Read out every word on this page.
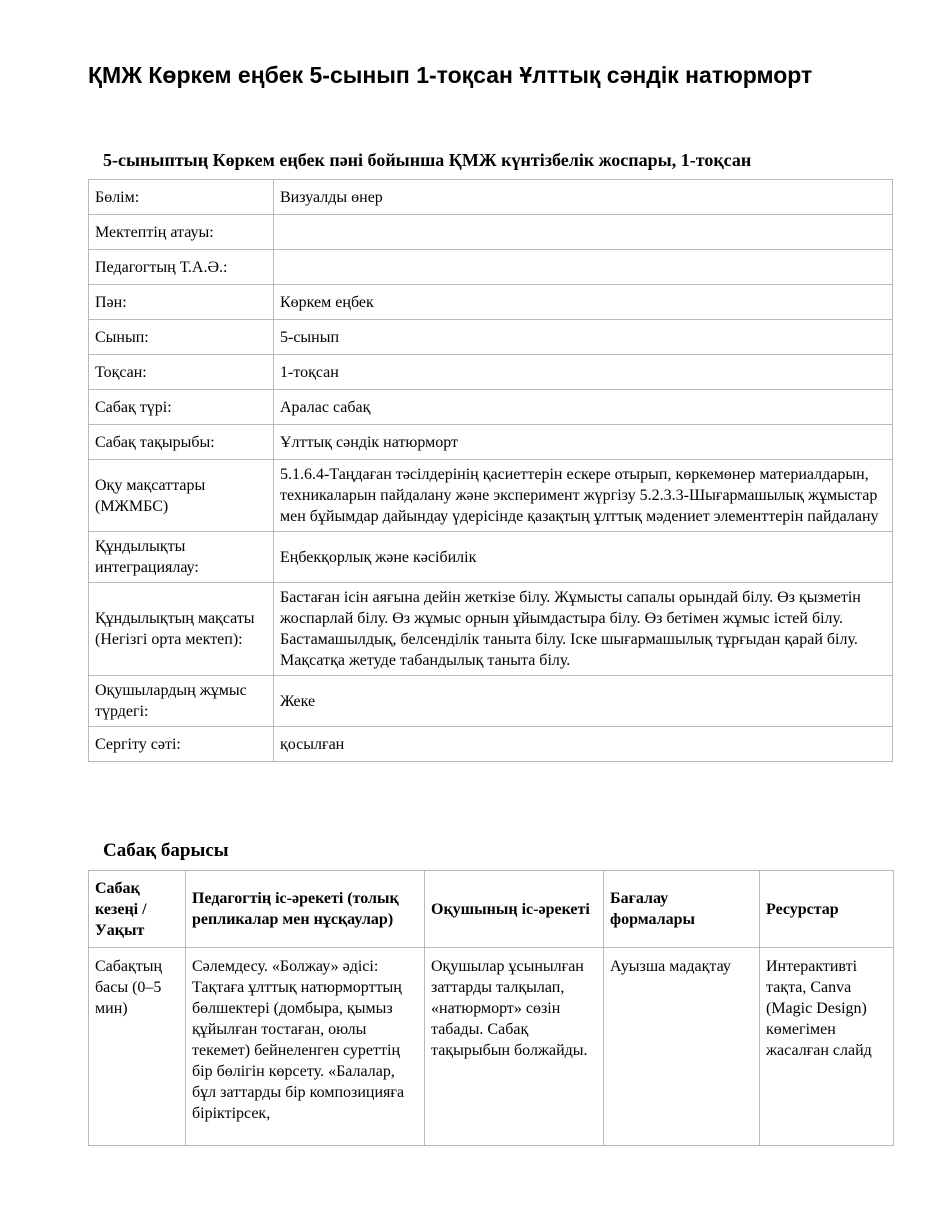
ҚМЖ Көркем еңбек 5-сынып 1-тоқсан Ұлттық сәндік натюрморт
5-сыныптың Көркем еңбек пәні бойынша ҚМЖ күнтізбелік жоспары, 1-тоқсан
Бөлім:	Визуалды өнер
Мектептің атауы:	
Педагогтың Т.А.Ә.:	
Пән:	Көркем еңбек
Сынып:	5-сынып
Тоқсан:	1-тоқсан
Сабақ түрі:	Аралас сабақ
Сабақ тақырыбы:	Ұлттық сәндік натюрморт
Оқу мақсаттары (МЖМБС)	5.1.6.4-Таңдаған тәсілдерінің қасиеттерін ескере отырып, көркемөнер материалдарын, техникаларын пайдалану және эксперимент жүргізу 5.2.3.3-Шығармашылық жұмыстар мен бұйымдар дайындау үдерісінде қазақтың ұлттық мәдениет элементтерін пайдалану
Құндылықты интеграциялау:	Еңбекқорлық және кәсібилік
Құндылықтың мақсаты (Негізгі орта мектеп):	Бастаған ісін аяғына дейін жеткізе білу. Жұмысты сапалы орындай білу. Өз қызметін жоспарлай білу. Өз жұмыс орнын ұйымдастыра білу. Өз бетімен жұмыс істей білу. Бастамашылдық, белсенділік таныта білу. Іске шығармашылық тұрғыдан қарай білу. Мақсатқа жетуде табандылық таныта білу.
Оқушылардың жұмыс түрдегі:	Жеке
Сергіту сәті:	қосылған
Сабақ барысы
Сабақ кезеңі / Уақыт	Педагогтің іс-әрекеті (толық репликалар мен нұсқаулар)	Оқушының іс-әрекеті	Бағалау формалары	Ресурстар
Сабақтың басы (0–5 мин)	Сәлемдесу. «Болжау» әдісі: Тақтаға ұлттық натюрморттың бөлшектері (домбыра, қымыз құйылған тостаған, оюлы текемет) бейнеленген суреттің бір бөлігін көрсету. «Балалар, бұл заттарды бір композицияға біріктірсек,	Оқушылар ұсынылған заттарды талқылап, «натюрморт» сөзін табады. Сабақ тақырыбын болжайды.	Ауызша мадақтау	Интерактивті тақта, Canva (Magic Design) көмегімен жасалған слайд
